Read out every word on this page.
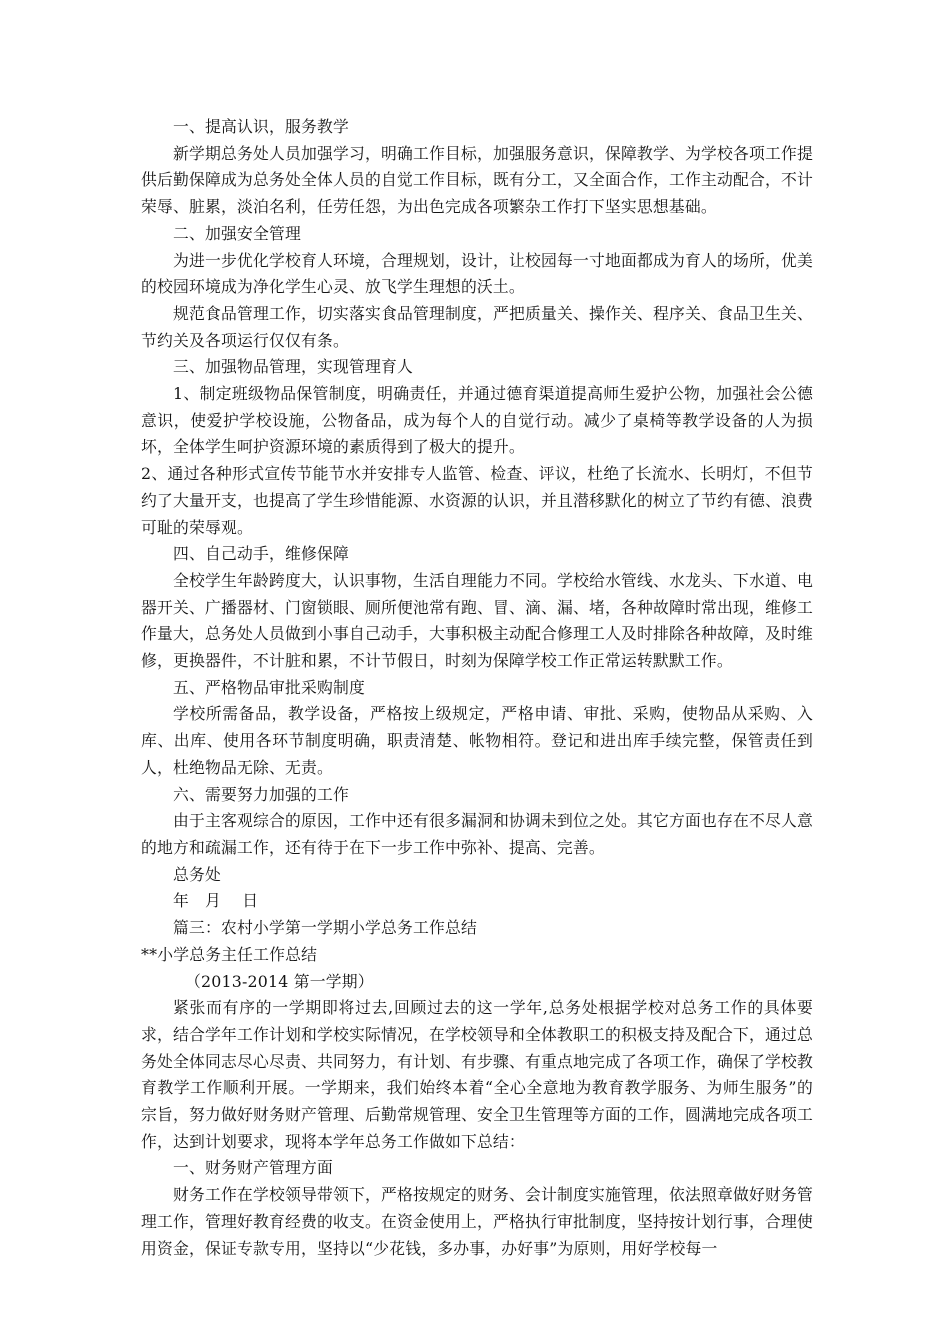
一、提高认识，服务教学

新学期总务处人员加强学习，明确工作目标，加强服务意识，保障教学、为学校各项工作提供后勤保障成为总务处全体人员的自觉工作目标，既有分工，又全面合作，工作主动配合，不计荣辱、脏累，淡泊名利，任劳任怨，为出色完成各项繁杂工作打下坚实思想基础。

二、加强安全管理

为进一步优化学校育人环境，合理规划，设计，让校园每一寸地面都成为育人的场所，优美的校园环境成为净化学生心灵、放飞学生理想的沃土。

规范食品管理工作，切实落实食品管理制度，严把质量关、操作关、程序关、食品卫生关、节约关及各项运行仅仅有条。

三、加强物品管理，实现管理育人

1、制定班级物品保管制度，明确责任，并通过德育渠道提高师生爱护公物，加强社会公德意识，使爱护学校设施，公物备品，成为每个人的自觉行动。减少了桌椅等教学设备的人为损坏，全体学生呵护资源环境的素质得到了极大的提升。

2、通过各种形式宣传节能节水并安排专人监管、检查、评议，杜绝了长流水、长明灯，不但节约了大量开支，也提高了学生珍惜能源、水资源的认识，并且潜移默化的树立了节约有德、浪费可耻的荣辱观。

四、自己动手，维修保障

全校学生年龄跨度大，认识事物，生活自理能力不同。学校给水管线、水龙头、下水道、电器开关、广播器材、门窗锁眼、厕所便池常有跑、冒、滴、漏、堵，各种故障时常出现，维修工作量大，总务处人员做到小事自己动手，大事积极主动配合修理工人及时排除各种故障，及时维修，更换器件，不计脏和累，不计节假日，时刻为保障学校工作正常运转默默工作。

五、严格物品审批采购制度

学校所需备品，教学设备，严格按上级规定，严格申请、审批、采购，使物品从采购、入库、出库、使用各环节制度明确，职责清楚、帐物相符。登记和进出库手续完整，保管责任到人，杜绝物品无除、无责。

六、需要努力加强的工作

由于主客观综合的原因，工作中还有很多漏洞和协调未到位之处。其它方面也存在不尽人意的地方和疏漏工作，还有待于在下一步工作中弥补、提高、完善。

总务处

年　月　 日

篇三：农村小学第一学期小学总务工作总结

**小学总务主任工作总结

（2013-2014 第一学期）

紧张而有序的一学期即将过去,回顾过去的这一学年,总务处根据学校对总务工作的具体要求，结合学年工作计划和学校实际情况，在学校领导和全体教职工的积极支持及配合下，通过总务处全体同志尽心尽责、共同努力，有计划、有步骤、有重点地完成了各项工作，确保了学校教育教学工作顺利开展。一学期来，我们始终本着“全心全意地为教育教学服务、为师生服务”的宗旨，努力做好财务财产管理、后勤常规管理、安全卫生管理等方面的工作，圆满地完成各项工作，达到计划要求，现将本学年总务工作做如下总结：

一、财务财产管理方面

财务工作在学校领导带领下，严格按规定的财务、会计制度实施管理，依法照章做好财务管理工作，管理好教育经费的收支。在资金使用上，严格执行审批制度，坚持按计划行事，合理使用资金，保证专款专用，坚持以“少花钱，多办事，办好事”为原则，用好学校每一
